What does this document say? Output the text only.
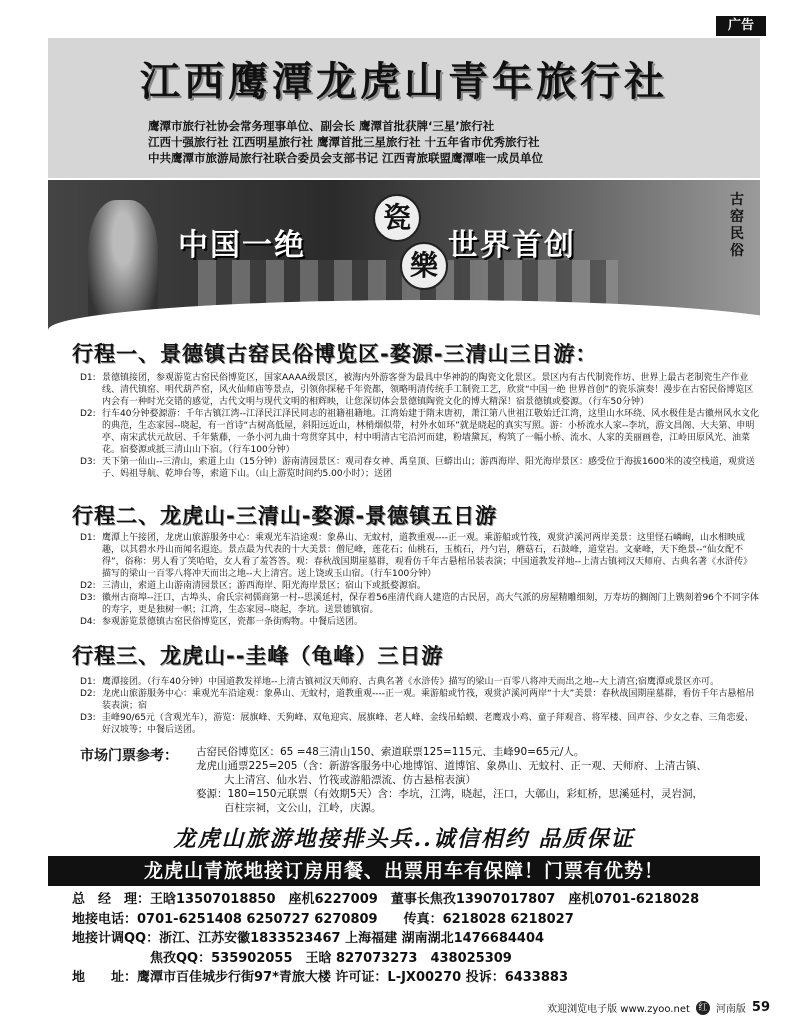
广告
江西鹰潭龙虎山青年旅行社
鹰潭市旅行社协会常务理事单位、副会长 鹰潭首批获牌‘三星’旅行社
江西十强旅行社 江西明星旅行社 鹰潭首批三星旅行社 十五年省市优秀旅行社
中共鹰潭市旅游局旅行社联合委员会支部书记 江西青旅联盟鹰潭唯一成员单位
中国一绝
瓷
樂
世界首创
古窑民俗
行程一、景德镇古窑民俗博览区-婺源-三清山三日游：
D1: 景德镇接团，参观游览古窑民俗博览区，国家AAAA级景区，被海内外游客誉为最具中华神韵的陶瓷文化景区。景区内有古代制瓷作坊、世界上最古老制瓷生产作业线、清代镇窑、明代葫芦窑，风火仙师庙等景点，引领你探秘千年瓷都，领略明清传统手工制瓷工艺，欣赏“中国一绝 世界首创”的瓷乐演奏！漫步在古窑民俗博览区内会有一种时光交错的感觉，古代文明与现代文明的相辉映，让您深切体会景德镇陶瓷文化的博大精深！宿景德镇或婺源。（行车50分钟）
D2: 行车40分钟婺源游：千年古镇江湾--江泽民江泽民同志的祖籍祖籍地。江湾始建于隋末唐初，萧江第八世祖江敬始迁江湾，这里山水环绕、风水极佳是古徽州风水文化的典范，生态家园--晓起，有一首诗“古树高低屋，斜阳远近山，林梢烟似带，村外水如环”就是晓起的真实写照。游：小桥流水人家--李坑，游文昌阁、大夫第、申明亭、南宋武状元故居、千年紫藤，一条小河九曲十弯贯穿其中，村中明清古宅沿河而建，粉墙黛瓦，构筑了一幅小桥、流水、人家的美丽画卷，江岭田原风光、油菜花。宿婺源或抵三清山山下宿。（行车100分钟）
D3: 天下第一仙山--三清山，索道上山（15分钟）游南清园景区：观司春女神、禹皇顶、巨蟒出山；游西海岸、阳光海岸景区：感受位于海拔1600米的凌空栈道，观赏送子、妈祖导航、乾坤台等，索道下山。（山上游览时间约5.00小时）；送团
行程二、龙虎山-三清山-婺源-景德镇五日游
D1: 鹰潭上午接团，龙虎山旅游服务中心：乘观光车沿途观：象鼻山、无蚊村，道教重观----正一观。乘游船或竹筏，观赏泸溪河两岸美景：这里怪石嶙峋，山水相映成趣，以其碧水丹山而闻名遐迩。景点最为代表的十大美景：僧尼峰，莲花石；仙桃石，玉梳石，丹勺岩，蘑菇石，石鼓峰，道堂岩。文豪峰，天下绝景--“仙女配不得”，俗称：男人看了笑哈哈，女人看了羞答答。观：春秋战国期崖墓群，观看仿千年古悬棺吊装表演；中国道教发祥地--上清古镇祠汉天师府、古典名著《水浒传》描写的梁山一百零八将冲天而出之地--大上清宫。送上饶或玉山宿。（行车100分钟）
D2: 三清山，索道上山游南清园景区；游西海岸、阳光海岸景区；宿山下或抵婺源宿。
D3: 徽州古商埠--汪口，古埠头、俞氏宗祠儒商第一村--思溪延村，保存着56座清代商人建造的古民居，高大气派的房屋精雕细刻，万寿坊的搁阁门上镌刻着96个不同字体的寿字，更是独树一帜；江湾，生态家园--晓起，李坑。送景德镇宿。
D4: 参观游览景德镇古窑民俗博览区，瓷都一条街购物。中餐后送团。
行程三、龙虎山--圭峰（龟峰）三日游
D1: 鹰潭接团。（行车40分钟）中国道教发祥地--上清古镇祠汉天师府、古典名著《水浒传》描写的梁山一百零八将冲天而出之地--大上清宫;宿鹰潭或景区亦可。
D2: 龙虎山旅游服务中心：乘观光车沿途观：象鼻山、无蚊村，道教重观----正一观。乘游船或竹筏，观赏泸溪河两岸“十大”美景：春秋战国期崖墓群，看仿千年古悬棺吊装表演；宿
D3: 圭峰90/65元（含观光车），游览：展旗峰、天狗峰、双龟迎宾、展旗峰、老人峰、金线吊蛤蟆、老鹰戏小鸡、童子拜观音、将军楼、回声谷、少女之春、三角恋爱、好汉坡等；中餐后送团。
市场门票参考： 古窑民俗博览区：65 =48三清山150、索道联票125=115元、圭峰90=65元/人。
龙虎山通票225=205（含：新游客服务中心地博馆、道博馆、象鼻山、无蚊村、正一观、天师府、上清古镇、
大上清宫、仙水岩、竹筏或游船漂流、仿古悬棺表演）
婺源：180=150元联票（有效期5天）含：李坑，江湾，晓起，汪口，大鄣山，彩虹桥，思溪延村，灵岩洞，
百柱宗祠，文公山，江岭，庆源。
龙虎山旅游地接排头兵..诚信相约 品质保证
龙虎山青旅地接订房用餐、出票用车有保障！门票有优势！
总　经　理：王晗13507018850　座机6227009　董事长焦孜13907017807　座机0701-6218028
地接电话：0701-6251408 6250727 6270809　　传真：6218028 6218027
地接计调QQ：浙江、江苏安徽1833523467 上海福建 湖南湖北1476684404
　　　　　　焦孜QQ：535902055　王晗 827073273　438025309
地　　址：鹰潭市百佳城步行街97*青旅大楼 许可证：L-JX00270 投诉：6433883
欢迎浏览电子版 www.zyoo.net 红 河南版 59
